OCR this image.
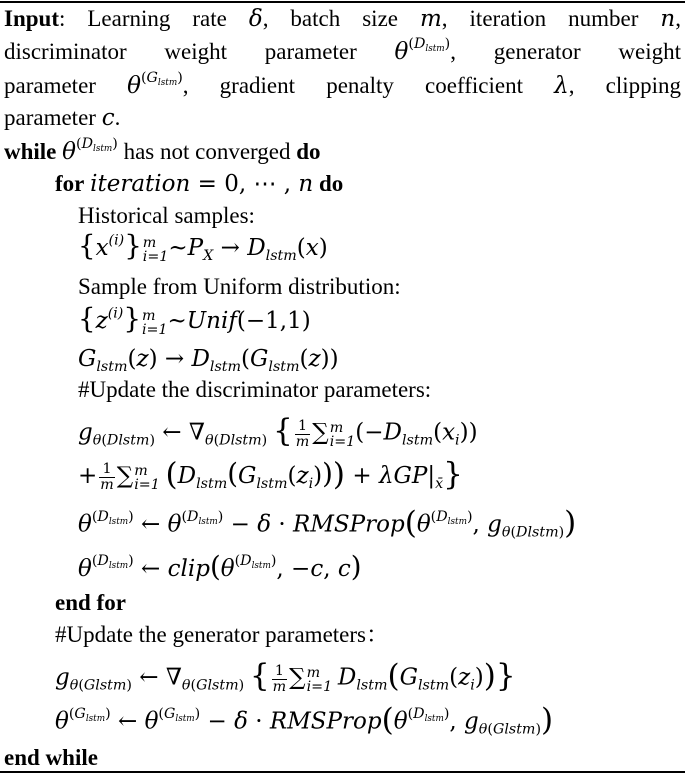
Input: Learning rate δ, batch size m, iteration number n,
discriminator weight parameter $\theta^{(D_{lstm})}$, generator weight
parameter $\theta^{(G_{lstm})}$, gradient penalty coefficient λ, clipping
parameter c.
while $\theta^{(D_{lstm})}$ has not converged do
for iteration = 0, ⋯ , n do
Historical samples:
$\{x^{(i)}\}$ m
i=1 $\sim P_X \to D_{lstm}(x)$
Sample from Uniform distribution:
$\{z^{(i)}\}$ m
i=1 ~Unif(−1,1)
$G_{lstm}(z) \to D_{lstm}(G_{lstm}(z))$
#Update the discriminator parameters:
$g_{\theta(Dlstm)}$ ← $\nabla_{\theta(Dlstm)}$ { $\frac{1}{m}$ ∑ m
i=1 $(-D_{lstm}(x_i))$
+ $\frac{1}{m}$ ∑ m
i=1 $(D_{lstm}(G_{lstm}(z_i))) + \lambda GP|_{x̄}$}
$\theta^{(D_{lstm})}$ ← $\theta^{(D_{lstm})} - \delta$ · $RMSProp(\theta^{(D_{lstm})}$, $g_{\theta(Dlstm)}$)
$\theta^{(D_{lstm})}$ ← $clip(\theta^{(D_{lstm})}$, −c, c)
end for
#Update the generator parameters：
$g_{\theta(Glstm)}$ ← $\nabla_{\theta(Glstm)}$ { $\frac{1}{m}$ ∑ m
i=1 $D_{lstm}(G_{lstm}(z_i))$}
$\theta^{(G_{lstm})}$ ← $\theta^{(G_{lstm})} - \delta$ · $RMSProp(\theta^{(D_{lstm})}$, $g_{\theta(Glstm)}$)
end while
